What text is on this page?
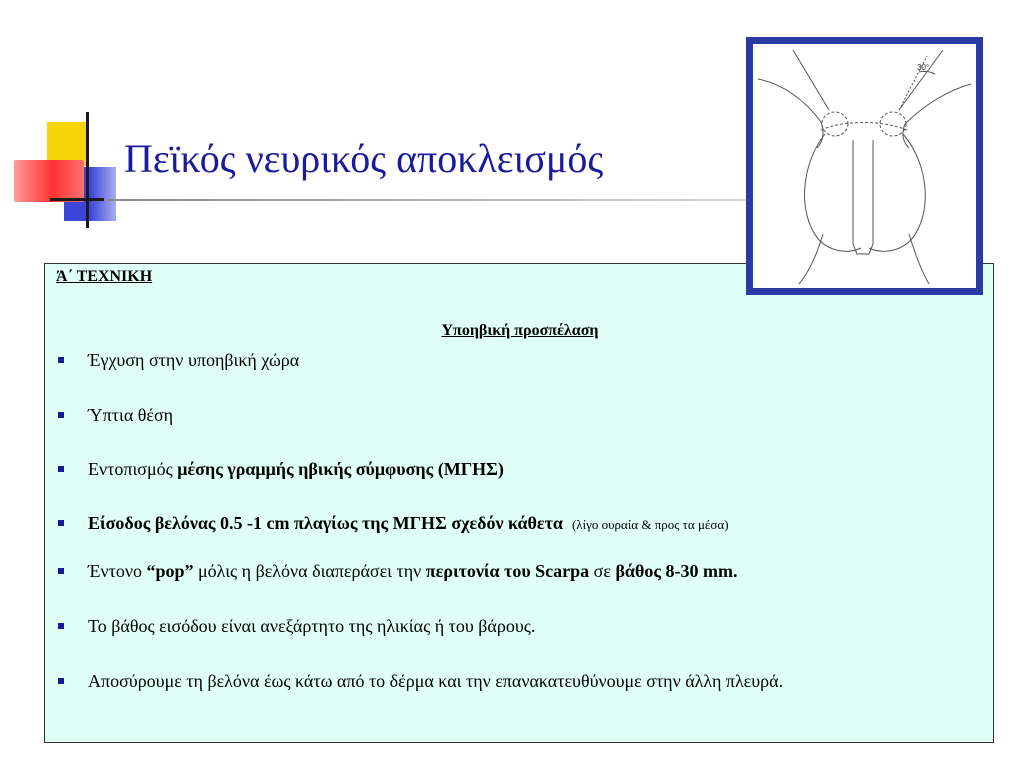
Πεϊκός νευρικός αποκλεισμός

Ά΄ ΤΕΧΝΙΚΗ

Υποηβική προσπέλαση
Έγχυση στην υποηβική χώρα
Ύπτια θέση
Εντοπισμός μέσης γραμμής ηβικής σύμφυσης (ΜΓΗΣ)
Είσοδος βελόνας 0.5 -1 cm πλαγίως της ΜΓΗΣ σχεδόν κάθετα (λίγο ουραία & προς τα μέσα)
Έντονο “pop” μόλις η βελόνα διαπεράσει την περιτονία του Scarpa σε βάθος 8-30 mm.
Το βάθος εισόδου είναι ανεξάρτητο της ηλικίας ή του βάρους.
Αποσύρουμε τη βελόνα έως κάτω από το δέρμα και την επανακατευθύνουμε στην άλλη πλευρά.
30°
